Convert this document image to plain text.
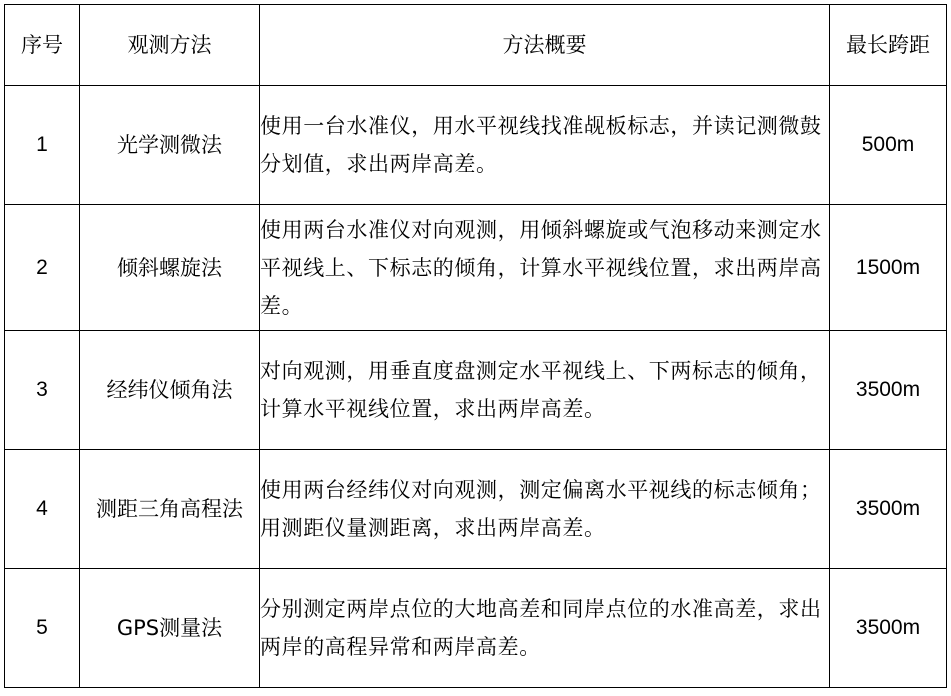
序号	观测方法	方法概要	最长跨距
1	光学测微法	使用一台水准仪，用水平视线找准觇板标志，并读记测微鼓分划值，求出两岸高差。	500m
2	倾斜螺旋法	使用两台水准仪对向观测，用倾斜螺旋或气泡移动来测定水平视线上、下标志的倾角，计算水平视线位置，求出两岸高差。	1500m
3	经纬仪倾角法	对向观测，用垂直度盘测定水平视线上、下两标志的倾角，计算水平视线位置，求出两岸高差。	3500m
4	测距三角高程法	使用两台经纬仪对向观测，测定偏离水平视线的标志倾角；用测距仪量测距离，求出两岸高差。	3500m
5	GPS测量法	分别测定两岸点位的大地高差和同岸点位的水准高差，求出两岸的高程异常和两岸高差。	3500m
